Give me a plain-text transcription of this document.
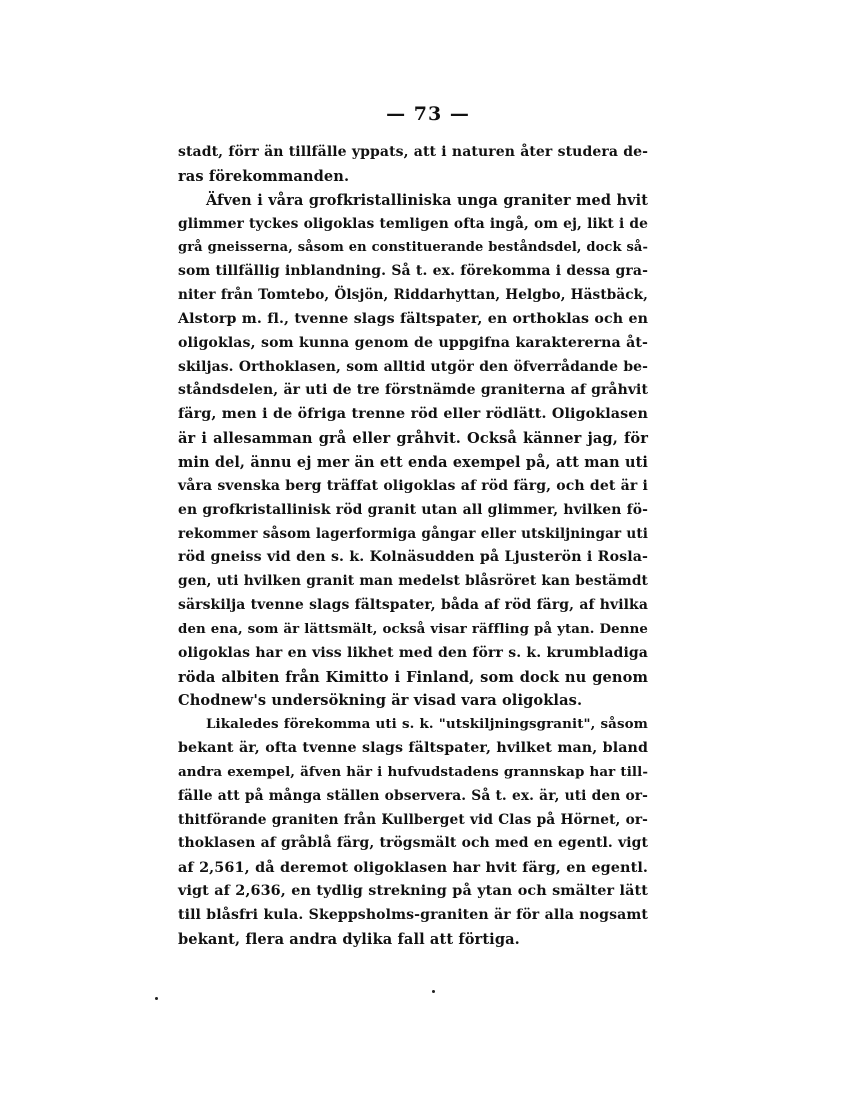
— 73 —
stadt, förr än tillfälle yppats, att i naturen åter studera de-
ras förekommanden.
Äfven i våra grofkristalliniska unga graniter med hvit
glimmer tyckes oligoklas temligen ofta ingå, om ej, likt i de
grå gneisserna, såsom en constituerande beståndsdel, dock så-
som tillfällig inblandning. Så t. ex. förekomma i dessa gra-
niter från Tomtebo, Ölsjön, Riddarhyttan, Helgbo, Hästbäck,
Alstorp m. fl., tvenne slags fältspater, en orthoklas och en
oligoklas, som kunna genom de uppgifna karaktererna åt-
skiljas. Orthoklasen, som alltid utgör den öfverrådande be-
ståndsdelen, är uti de tre förstnämde graniterna af gråhvit
färg, men i de öfriga trenne röd eller rödlätt. Oligoklasen
är i allesamman grå eller gråhvit. Också känner jag, för
min del, ännu ej mer än ett enda exempel på, att man uti
våra svenska berg träffat oligoklas af röd färg, och det är i
en grofkristallinisk röd granit utan all glimmer, hvilken fö-
rekommer såsom lagerformiga gångar eller utskiljningar uti
röd gneiss vid den s. k. Kolnäsudden på Ljusterön i Rosla-
gen, uti hvilken granit man medelst blåsröret kan bestämdt
särskilja tvenne slags fältspater, båda af röd färg, af hvilka
den ena, som är lättsmält, också visar räffling på ytan. Denne
oligoklas har en viss likhet med den förr s. k. krumbladiga
röda albiten från Kimitto i Finland, som dock nu genom
Chodnew's undersökning är visad vara oligoklas.
Likaledes förekomma uti s. k. "utskiljningsgranit", såsom
bekant är, ofta tvenne slags fältspater, hvilket man, bland
andra exempel, äfven här i hufvudstadens grannskap har till-
fälle att på många ställen observera. Så t. ex. är, uti den or-
thitförande graniten från Kullberget vid Clas på Hörnet, or-
thoklasen af gråblå färg, trögsmält och med en egentl. vigt
af 2,561, då deremot oligoklasen har hvit färg, en egentl.
vigt af 2,636, en tydlig strekning på ytan och smälter lätt
till blåsfri kula. Skeppsholms-graniten är för alla nogsamt
bekant, flera andra dylika fall att förtiga.
